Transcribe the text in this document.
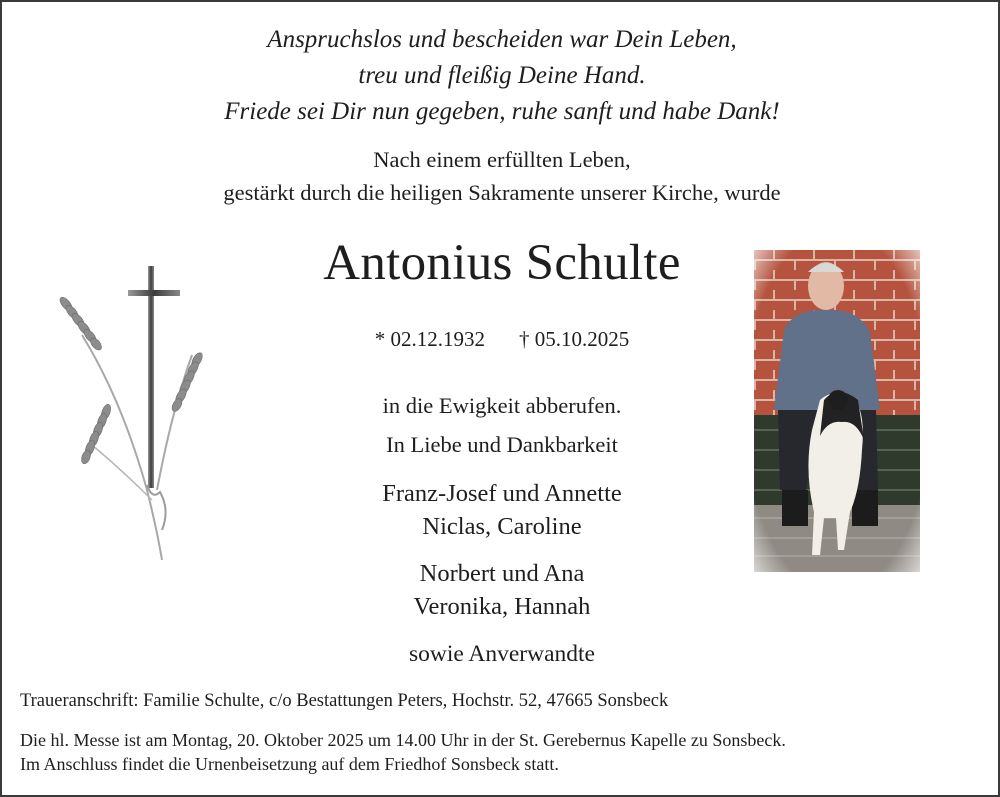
Anspruchslos und bescheiden war Dein Leben,
treu und fleißig Deine Hand.
Friede sei Dir nun gegeben, ruhe sanft und habe Dank!
Nach einem erfüllten Leben,
gestärkt durch die heiligen Sakramente unserer Kirche, wurde
Antonius Schulte
* 02.12.1932 † 05.10.2025
in die Ewigkeit abberufen.
In Liebe und Dankbarkeit
Franz-Josef und Annette
Niclas, Caroline
Norbert und Ana
Veronika, Hannah
sowie Anverwandte
Traueranschrift: Familie Schulte, c/o Bestattungen Peters, Hochstr. 52, 47665 Sonsbeck
Die hl. Messe ist am Montag, 20. Oktober 2025 um 14.00 Uhr in der St. Gerebernus Kapelle zu Sonsbeck.
Im Anschluss findet die Urnenbeisetzung auf dem Friedhof Sonsbeck statt.
